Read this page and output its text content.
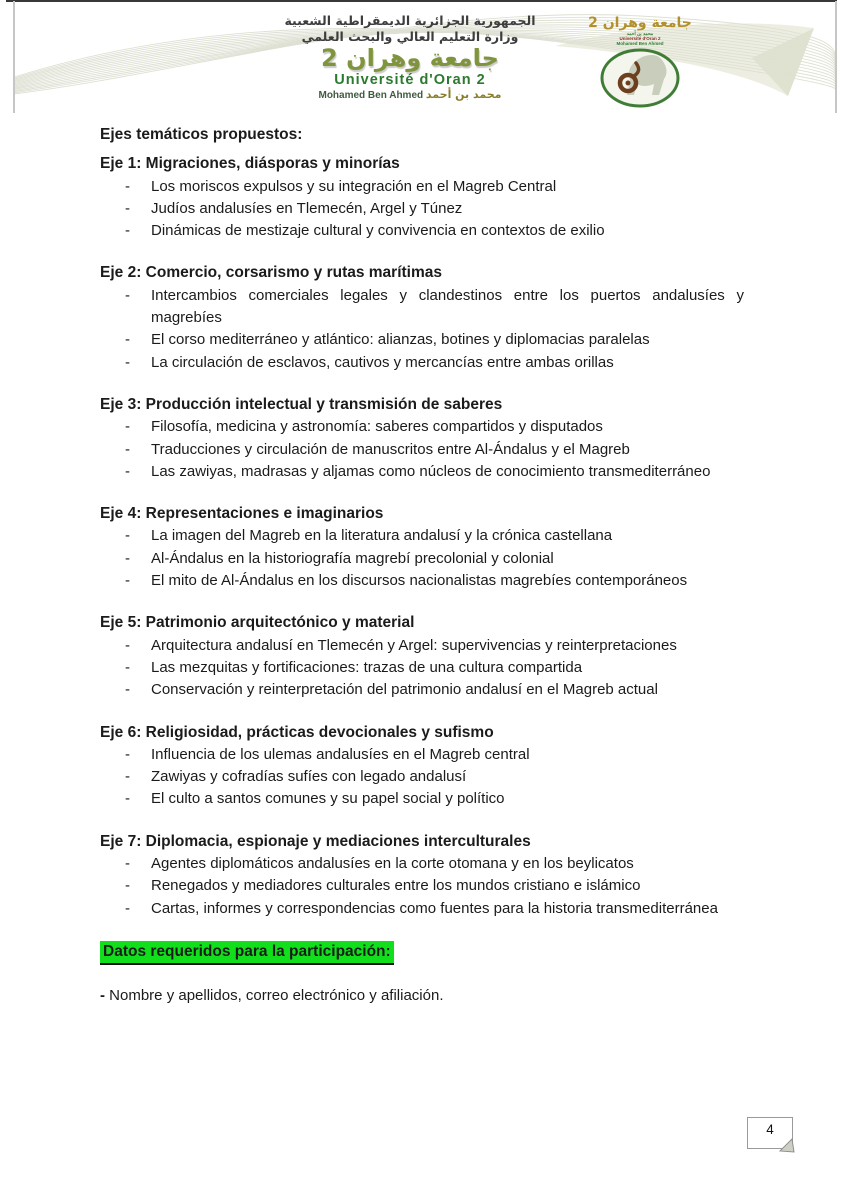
الجمهورية الجزائرية الديمقراطية الشعبية
وزارة التعليم العالي والبحث العلمي
جامعة وهران 2
Université d'Oran 2
Mohamed Ben Ahmed محمد بن أحمد
جامعة وهران 2
محمد بن أحمد
Université d'Oran 2
Mohamed Ben Ahmed

Ejes temáticos propuestos:

Eje 1: Migraciones, diásporas y minorías

-	Los moriscos expulsos y su integración en el Magreb Central
-	Judíos andalusíes en Tlemecén, Argel y Túnez
-	Dinámicas de mestizaje cultural y convivencia en contextos de exilio

Eje 2: Comercio, corsarismo y rutas marítimas

-	Intercambios comerciales legales y clandestinos entre los puertos andalusíes y magrebíes
-	El corso mediterráneo y atlántico: alianzas, botines y diplomacias paralelas
-	La circulación de esclavos, cautivos y mercancías entre ambas orillas

Eje 3: Producción intelectual y transmisión de saberes

-	Filosofía, medicina y astronomía: saberes compartidos y disputados
-	Traducciones y circulación de manuscritos entre Al-Ándalus y el Magreb
-	Las zawiyas, madrasas y aljamas como núcleos de conocimiento transmediterráneo

Eje 4: Representaciones e imaginarios

-	La imagen del Magreb en la literatura andalusí y la crónica castellana
-	Al-Ándalus en la historiografía magrebí precolonial y colonial
-	El mito de Al-Ándalus en los discursos nacionalistas magrebíes contemporáneos

Eje 5: Patrimonio arquitectónico y material

-	Arquitectura andalusí en Tlemecén y Argel: supervivencias y reinterpretaciones
-	Las mezquitas y fortificaciones: trazas de una cultura compartida
-	Conservación y reinterpretación del patrimonio andalusí en el Magreb actual

Eje 6: Religiosidad, prácticas devocionales y sufismo

-	Influencia de los ulemas andalusíes en el Magreb central
-	Zawiyas y cofradías sufíes con legado andalusí
-	El culto a santos comunes y su papel social y político

Eje 7: Diplomacia, espionaje y mediaciones interculturales

-	Agentes diplomáticos andalusíes en la corte otomana y en los beylicatos
-	Renegados y mediadores culturales entre los mundos cristiano e islámico
-	Cartas, informes y correspondencias como fuentes para la historia transmediterránea

Datos requeridos para la participación:

- Nombre y apellidos, correo electrónico y afiliación.

4
